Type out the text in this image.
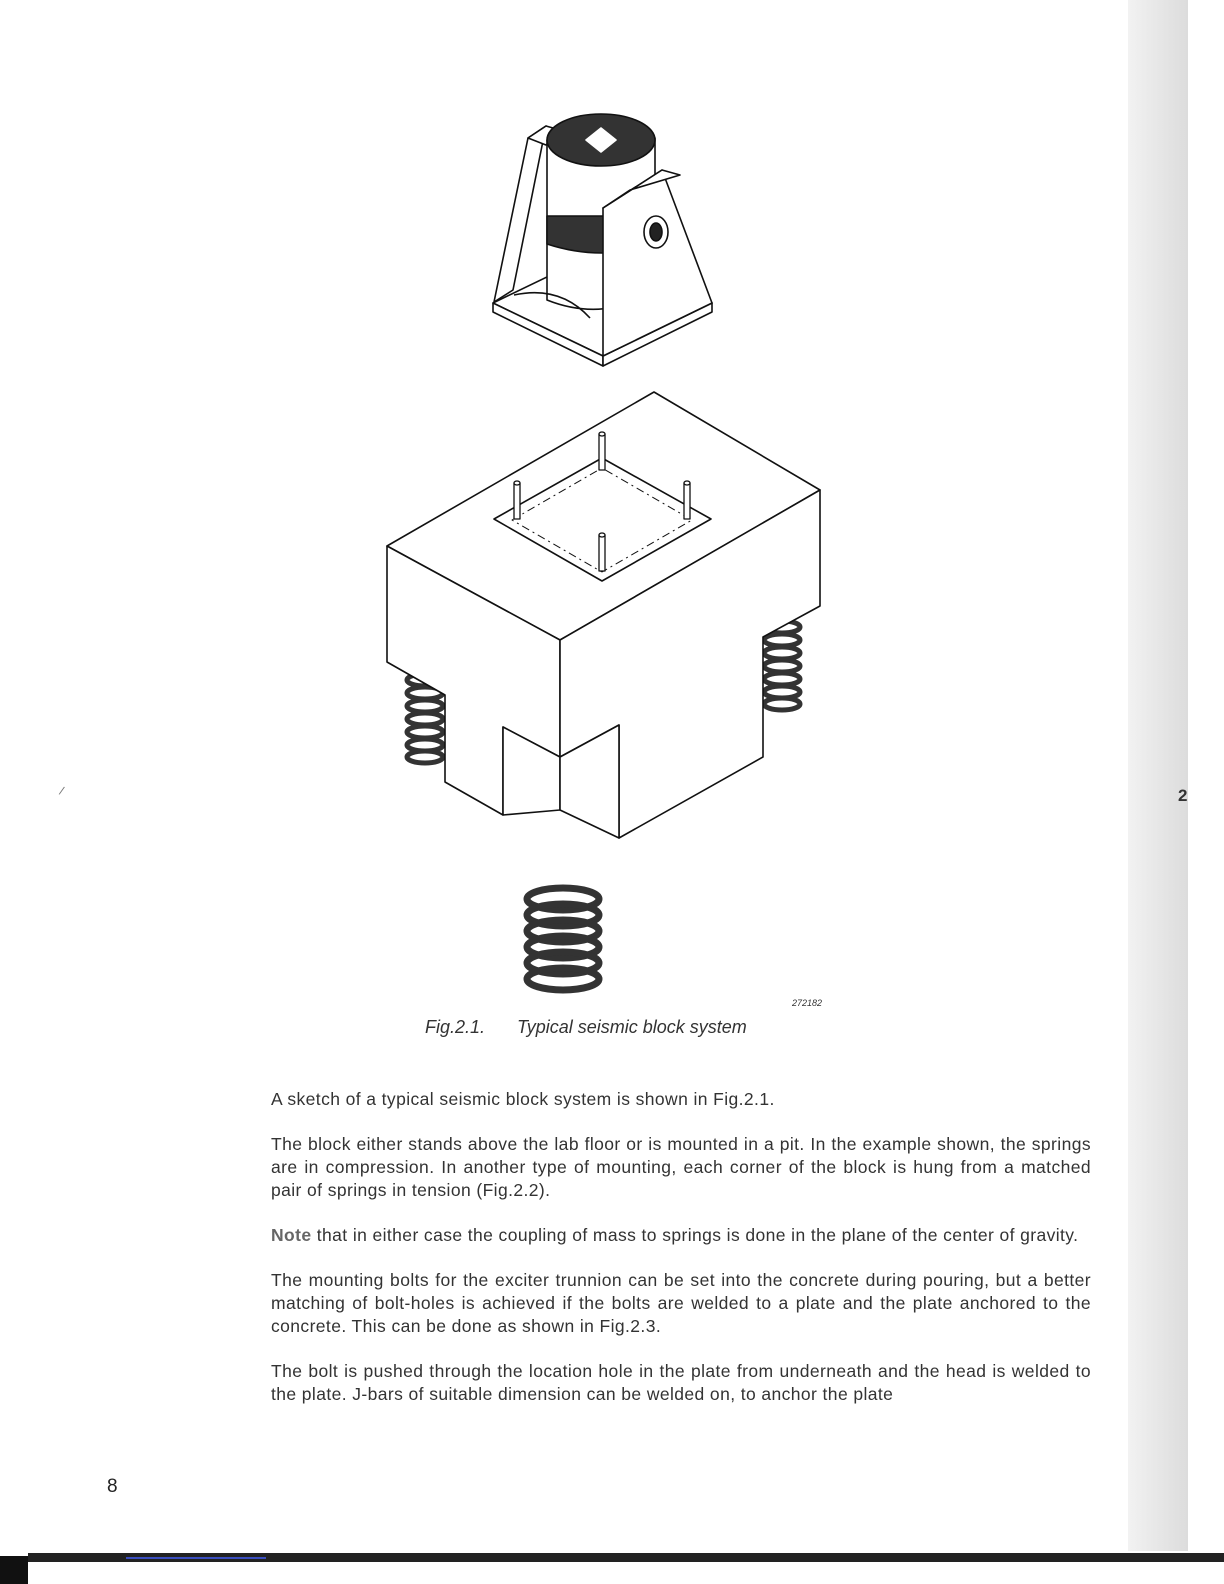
2
/
272182
Fig.2.1. Typical seismic block system

A sketch of a typical seismic block system is shown in Fig.2.1.

The block either stands above the lab floor or is mounted in a pit. In the example shown, the springs are in compression. In another type of mounting, each corner of the block is hung from a matched pair of springs in tension (Fig.2.2).

Note that in either case the coupling of mass to springs is done in the plane of the center of gravity.

The mounting bolts for the exciter trunnion can be set into the concrete during pouring, but a better matching of bolt-holes is achieved if the bolts are welded to a plate and the plate anchored to the concrete. This can be done as shown in Fig.2.3.

The bolt is pushed through the location hole in the plate from underneath and the head is welded to the plate. J-bars of suitable dimension can be welded on, to anchor the plate

8
